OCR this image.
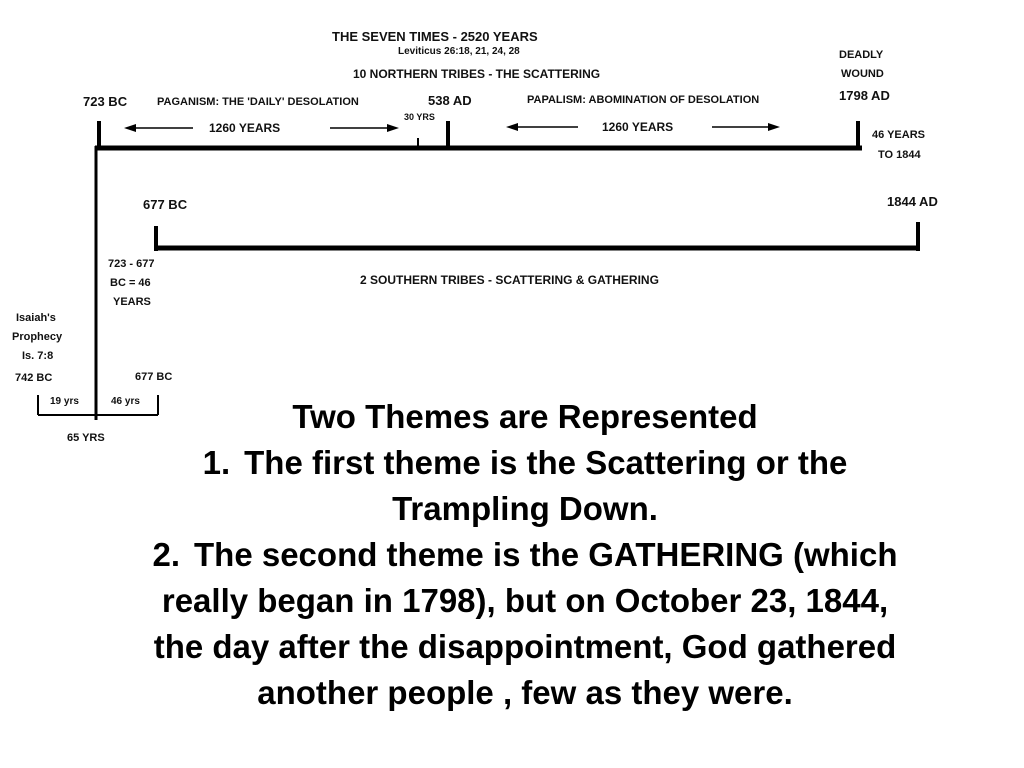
THE SEVEN TIMES - 2520 YEARS
Leviticus 26:18, 21, 24, 28
10 NORTHERN TRIBES - THE SCATTERING
723 BC	PAGANISM: THE 'DAILY' DESOLATION	538 AD
30 YRS
PAPALISM: ABOMINATION OF DESOLATION
DEADLY
WOUND
1798 AD
1260 YEARS	1260 YEARS
46 YEARS
TO 1844
677 BC	1844 AD
2 SOUTHERN TRIBES - SCATTERING & GATHERING
723 - 677
BC = 46
YEARS
Isaiah's
Prophecy
Is. 7:8
742 BC	677 BC
19 yrs	46 yrs
65 YRS
Two Themes are Represented
1. The first theme is the Scattering or the
Trampling Down.
2. The second theme is the GATHERING (which
really began in 1798), but on October 23, 1844,
the day after the disappointment, God gathered
another people , few as they were.
